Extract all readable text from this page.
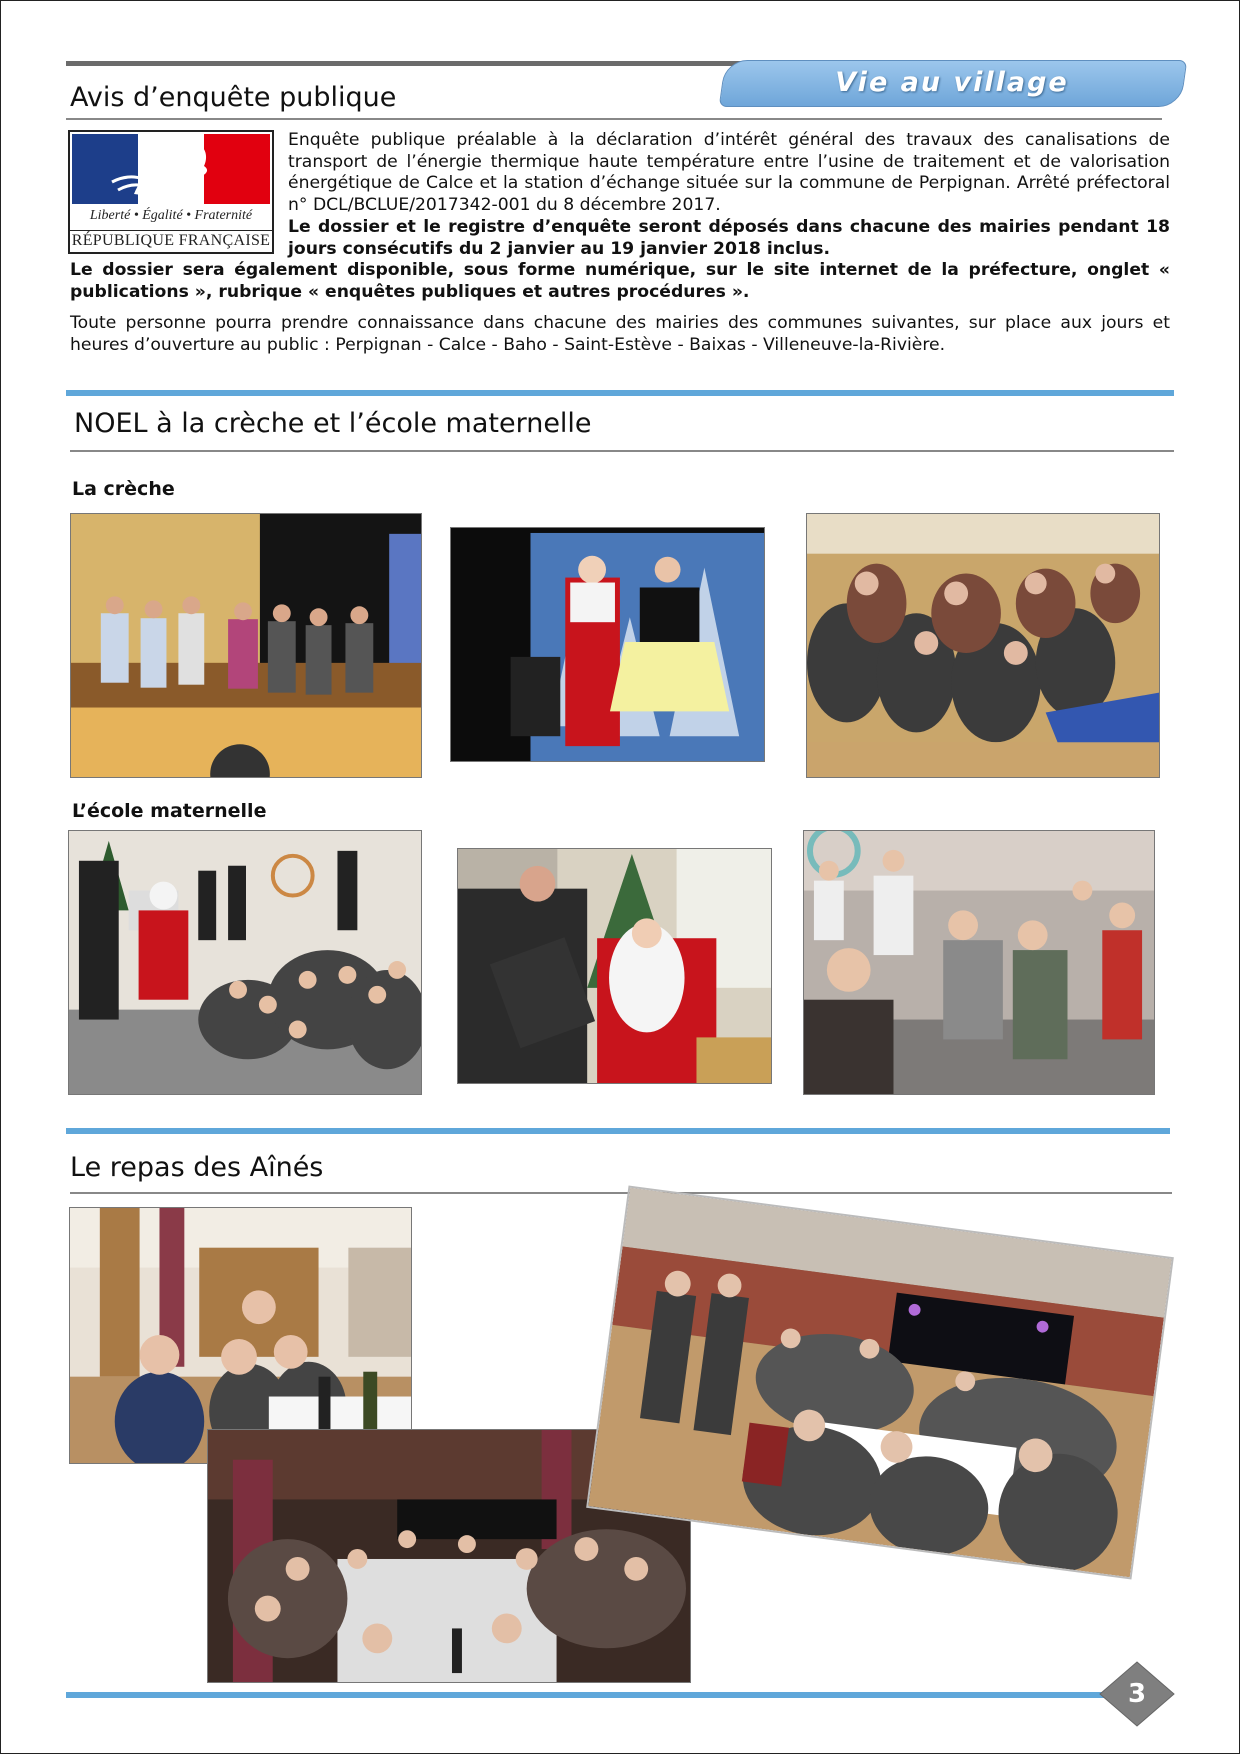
Vie au village
Avis d’enquête publique
Liberté • Égalité • Fraternité
RÉPUBLIQUE FRANÇAISE
Enquête publique préalable à la déclaration d’intérêt général des travaux des canalisations de transport de l’énergie thermique haute température entre l’usine de traitement et de valorisation énergétique de Calce et la station d’échange située sur la commune de Perpignan. Arrêté préfectoral n° DCL/BCLUE/2017342-001 du 8 décembre 2017.
Le dossier et le registre d’enquête seront déposés dans chacune des mairies pendant 18 jours consécutifs du 2 janvier au 19 janvier 2018 inclus.
Le dossier sera également disponible, sous forme numérique, sur le site internet de la préfecture, onglet « publications », rubrique « enquêtes publiques et autres procédures ».
Toute personne pourra prendre connaissance dans chacune des mairies des communes suivantes, sur place aux jours et heures d’ouverture au public : Perpignan - Calce - Baho - Saint-Estève - Baixas - Villeneuve-la-Rivière.
NOEL à la crèche et l’école maternelle
La crèche
L’école maternelle
Le repas des Aînés
3
